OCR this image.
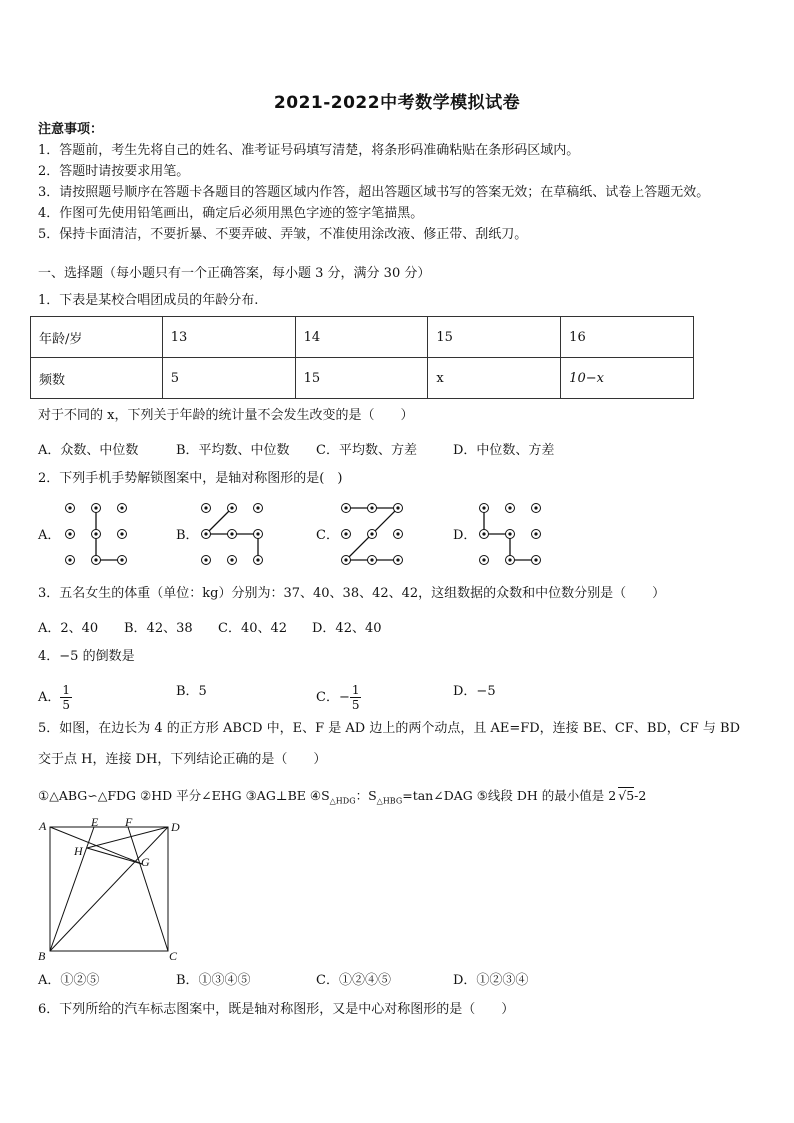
2021-2022中考数学模拟试卷
注意事项：
1．答题前，考生先将自己的姓名、准考证号码填写清楚，将条形码准确粘贴在条形码区域内。
2．答题时请按要求用笔。
3．请按照题号顺序在答题卡各题目的答题区域内作答，超出答题区域书写的答案无效；在草稿纸、试卷上答题无效。
4．作图可先使用铅笔画出，确定后必须用黑色字迹的签字笔描黑。
5．保持卡面清洁，不要折暴、不要弄破、弄皱，不准使用涂改液、修正带、刮纸刀。
一、选择题（每小题只有一个正确答案，每小题 3 分，满分 30 分）
1．下表是某校合唱团成员的年龄分布.
年龄/岁	13	14	15	16
频数	5	15	x	10−x
对于不同的 x，下列关于年龄的统计量不会发生改变的是（　　）
A．众数、中位数	B．平均数、中位数 C．平均数、方差	D．中位数、方差
2．下列手机手势解锁图案中，是轴对称图形的是(　)
A．	B．	C．	D．
3．五名女生的体重（单位：kg）分别为：37、40、38、42、42，这组数据的众数和中位数分别是（　　）
A．2、40 B．42、38 C．40、42 D．42、40
4．−5 的倒数是
A． $\frac{1}{5}$	B．5	C．− $\frac{1}{5}$	D．−5
5．如图，在边长为 4 的正方形 ABCD 中，E、F 是 AD 边上的两个动点，且 AE=FD，连接 BE、CF、BD，CF 与 BD
交于点 H，连接 DH，下列结论正确的是（　　）
①△ABG∽△FDG ②HD 平分∠EHG ③AG⊥BE $④S_{\triangle HDG}$：$S_{\triangle HBG}=\tan\angle DAG$ ⑤线段 DH 的最小值是 2 √5-2
A	E F	D
H
G
B	C
A．①②⑤	B．①③④⑤	C．①②④⑤	D．①②③④
6．下列所给的汽车标志图案中，既是轴对称图形，又是中心对称图形的是（　　）
